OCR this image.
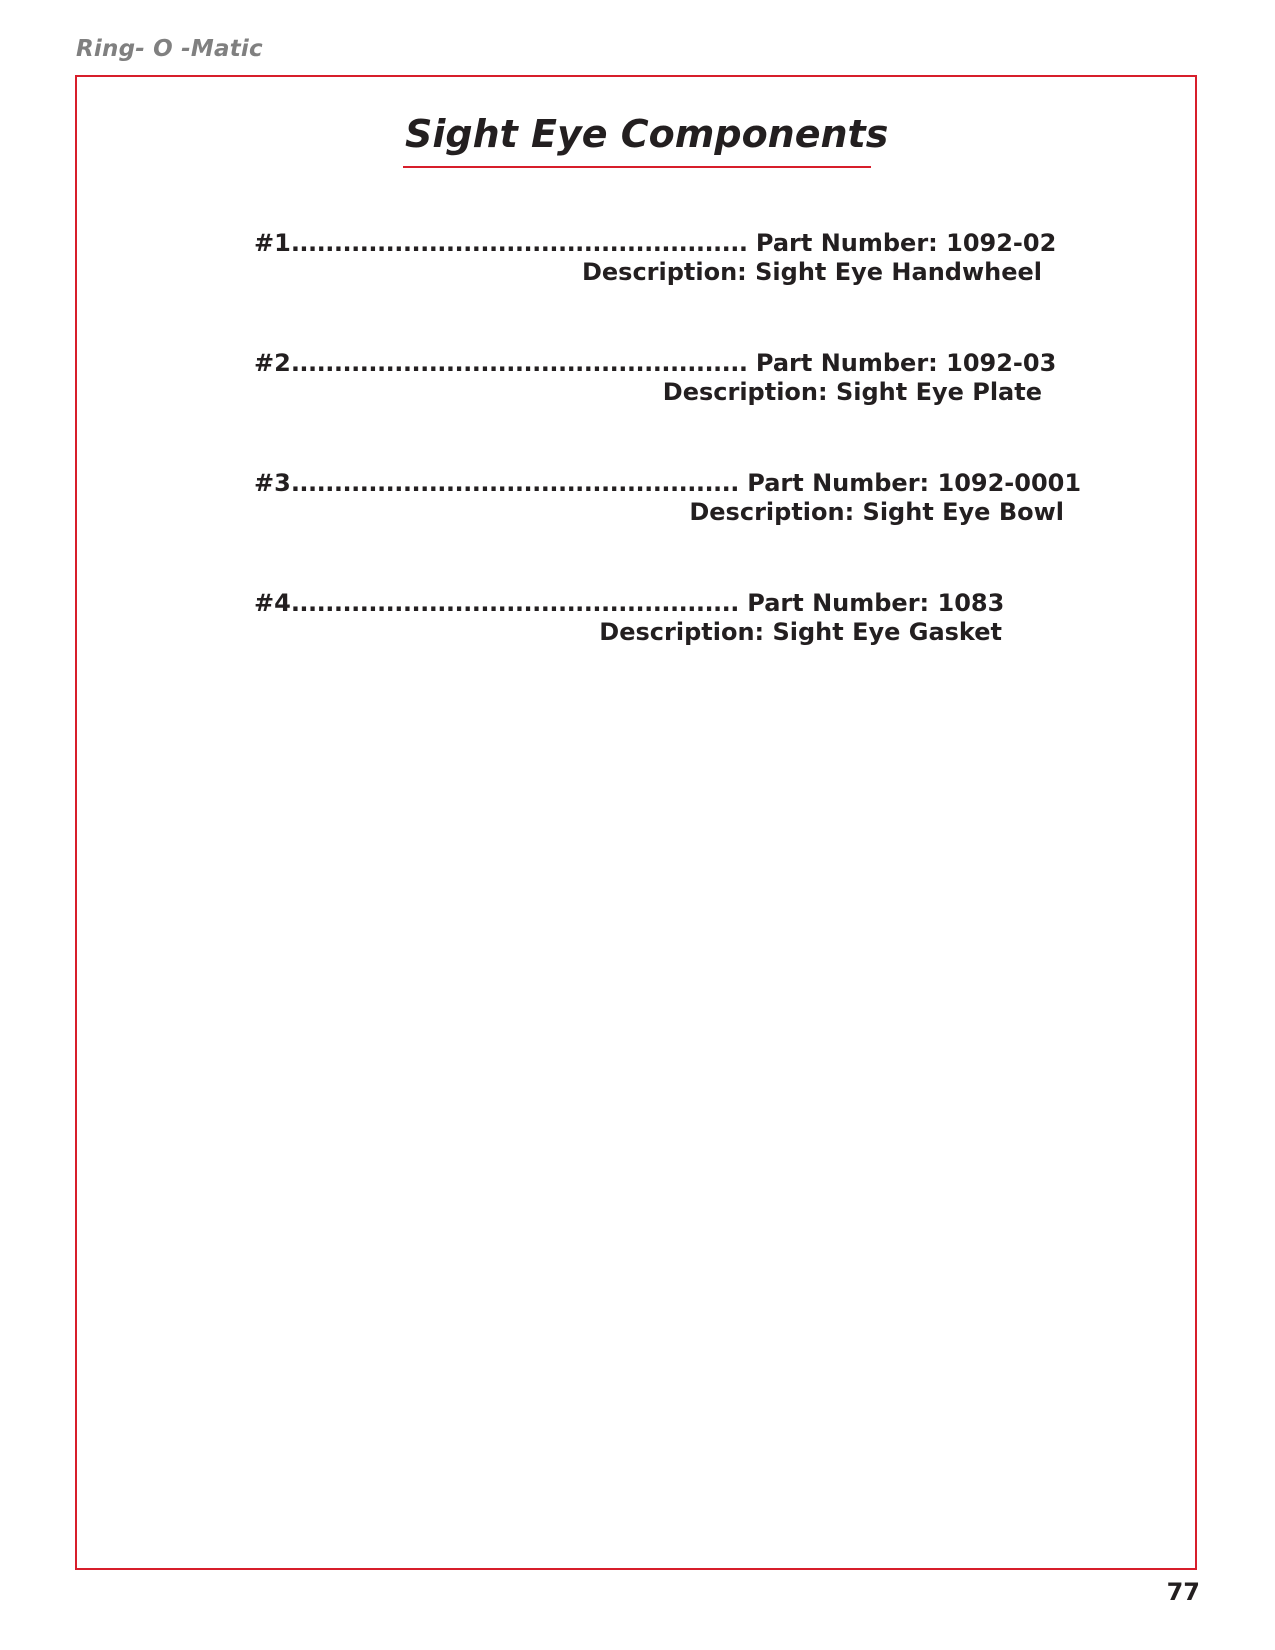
Ring- O -Matic
Sight Eye Components
#1..................................................... Part Number: 1092-02
Description: Sight Eye Handwheel
#2..................................................... Part Number: 1092-03
Description: Sight Eye Plate
#3.................................................... Part Number: 1092-0001
Description: Sight Eye Bowl
#4.................................................... Part Number: 1083
Description: Sight Eye Gasket
77
